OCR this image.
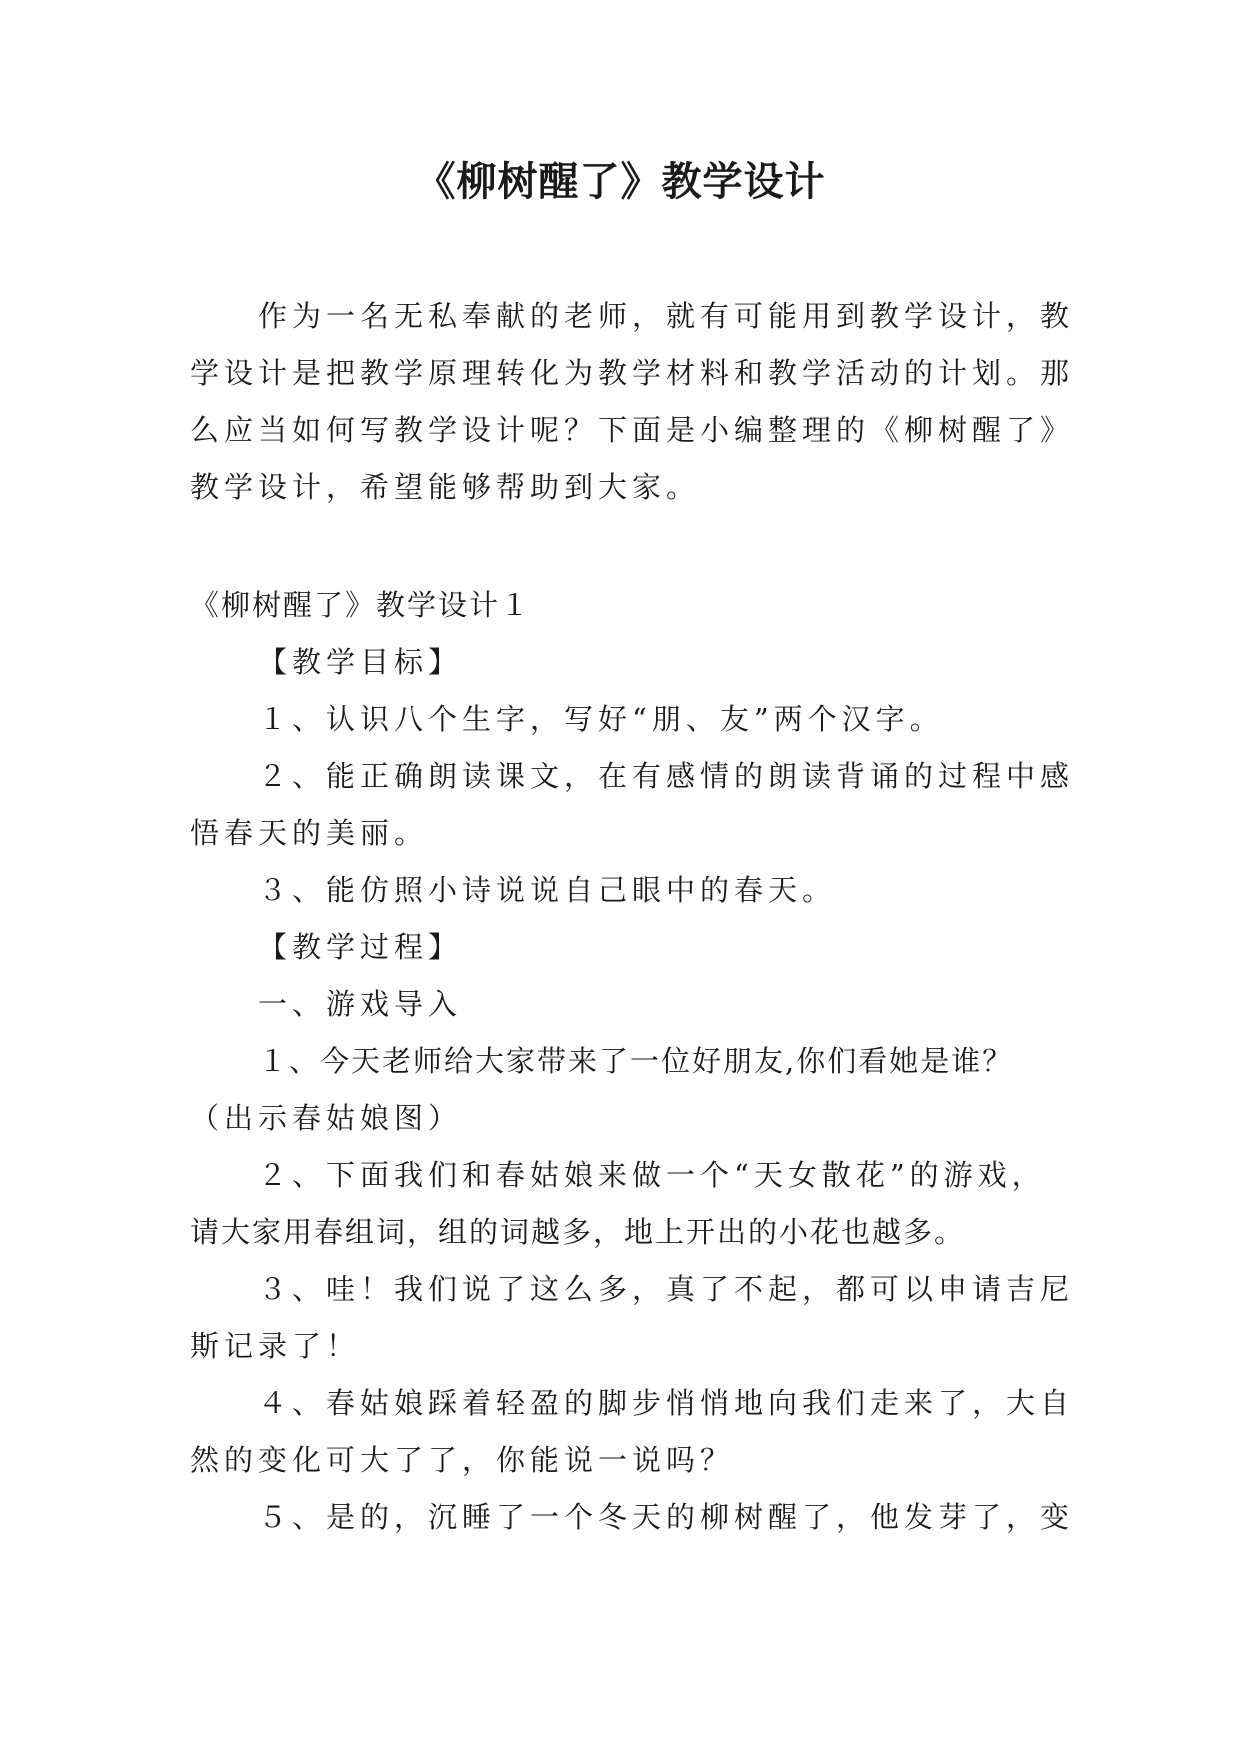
《柳树醒了》教学设计

作为一名无私奉献的老师，就有可能用到教学设计，教

学设计是把教学原理转化为教学材料和教学活动的计划。那

么应当如何写教学设计呢？下面是小编整理的《柳树醒了》

教学设计，希望能够帮助到大家。

《柳树醒了》教学设计１

【教学目标】

１、认识八个生字，写好“朋、友”两个汉字。

２、能正确朗读课文，在有感情的朗读背诵的过程中感

悟春天的美丽。

３、能仿照小诗说说自己眼中的春天。

【教学过程】

一、游戏导入

１、今天老师给大家带来了一位好朋友,你们看她是谁？

（出示春姑娘图）

２、下面我们和春姑娘来做一个“天女散花”的游戏，

请大家用春组词，组的词越多，地上开出的小花也越多。

３、哇！我们说了这么多，真了不起，都可以申请吉尼

斯记录了！

４、春姑娘踩着轻盈的脚步悄悄地向我们走来了，大自

然的变化可大了了，你能说一说吗？

５、是的，沉睡了一个冬天的柳树醒了，他发芽了，变
